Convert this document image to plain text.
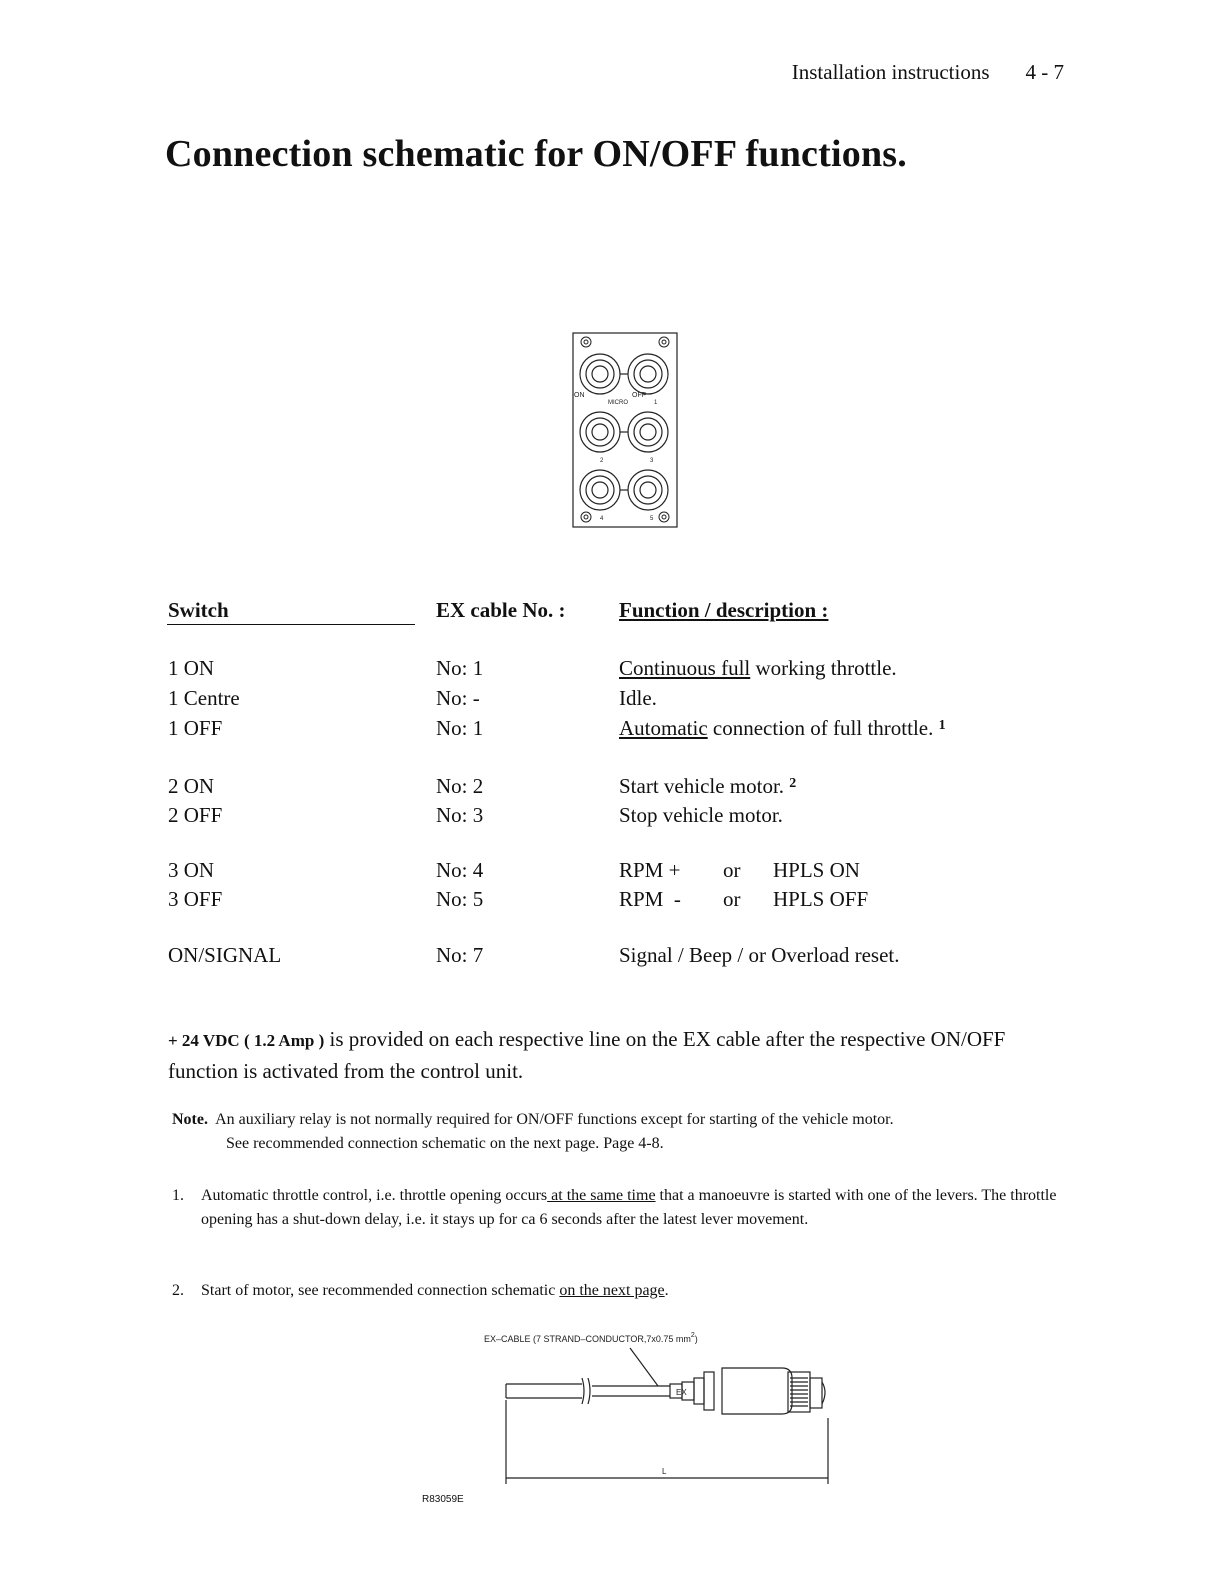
Installation instructions 4 - 7
Connection schematic for ON/OFF functions.
ON	OFF
MICRO	1
2	3
4	5
Switch	EX cable No. :	Function / description :
1 ON	No: 1	Continuous full working throttle.
1 Centre	No: -	Idle.
1 OFF	No: 1	Automatic connection of full throttle. $^1$
2 ON	No: 2	Start vehicle motor. $^2$
2 OFF	No: 3	Stop vehicle motor.
3 ON	No: 4	RPM + or HPLS ON
3 OFF	No: 5	RPM  - or HPLS OFF
ON/SIGNAL	No: 7	Signal / Beep / or Overload reset.
+ 24 VDC ( 1.2 Amp ) is provided on each respective line on the EX cable after the respective ON/OFF function is activated from the control unit.
Note. An auxiliary relay is not normally required for ON/OFF functions except for starting of the vehicle motor.
See recommended connection schematic on the next page. Page 4-8.
1. Automatic throttle control, i.e. throttle opening occurs at the same time that a manoeuvre is started with one of the levers. The throttle opening has a shut-down delay, i.e. it stays up for ca 6 seconds after the latest lever movement.
2. Start of motor, see recommended connection schematic on the next page.
EX–CABLE (7 STRAND–CONDUCTOR,7x0.75 $mm^2$)
EX
L
R83059E
